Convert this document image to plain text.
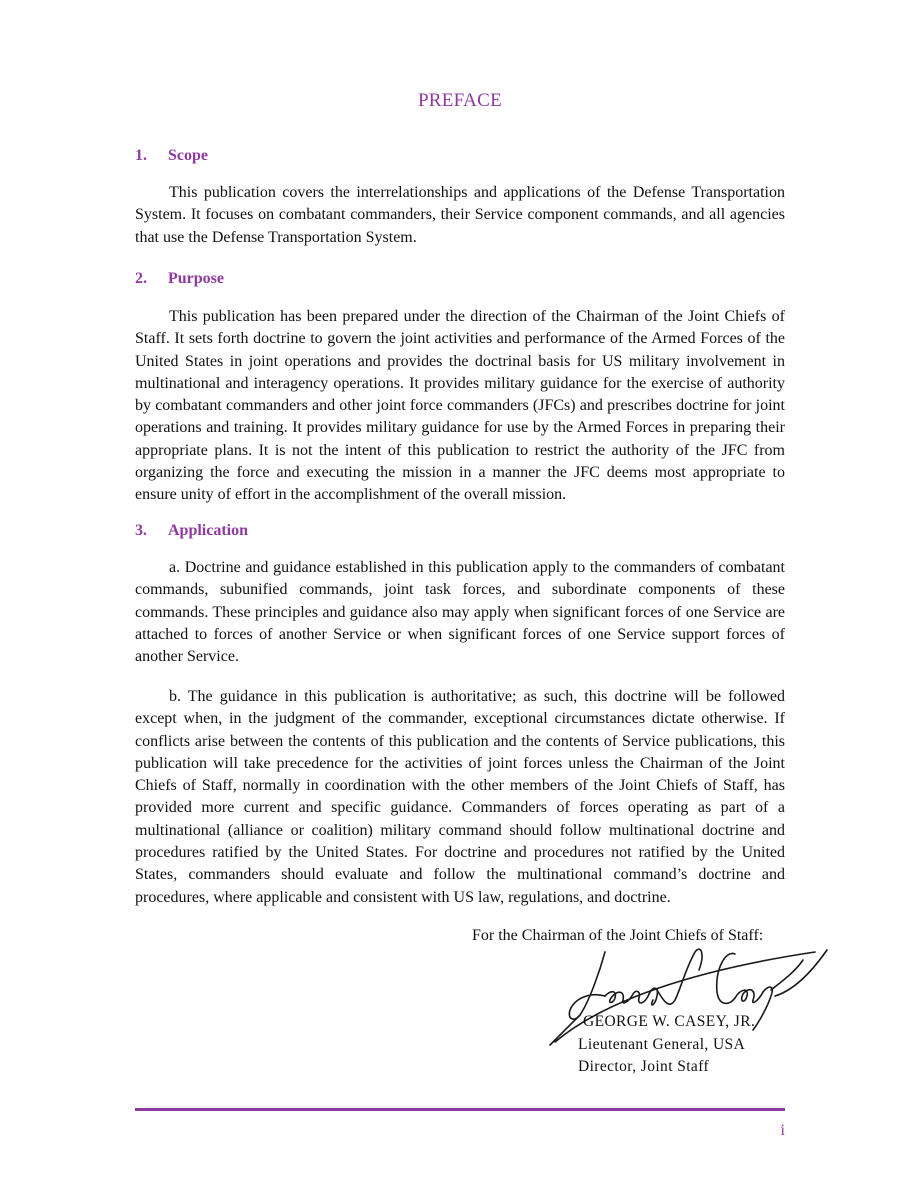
PREFACE
1. Scope
This publication covers the interrelationships and applications of the Defense Transportation System. It focuses on combatant commanders, their Service component commands, and all agencies that use the Defense Transportation System.
2. Purpose
This publication has been prepared under the direction of the Chairman of the Joint Chiefs of Staff. It sets forth doctrine to govern the joint activities and performance of the Armed Forces of the United States in joint operations and provides the doctrinal basis for US military involvement in multinational and interagency operations. It provides military guidance for the exercise of authority by combatant commanders and other joint force commanders (JFCs) and prescribes doctrine for joint operations and training. It provides military guidance for use by the Armed Forces in preparing their appropriate plans. It is not the intent of this publication to restrict the authority of the JFC from organizing the force and executing the mission in a manner the JFC deems most appropriate to ensure unity of effort in the accomplishment of the overall mission.
3. Application
a. Doctrine and guidance established in this publication apply to the commanders of combatant commands, subunified commands, joint task forces, and subordinate components of these commands. These principles and guidance also may apply when significant forces of one Service are attached to forces of another Service or when significant forces of one Service support forces of another Service.
b. The guidance in this publication is authoritative; as such, this doctrine will be followed except when, in the judgment of the commander, exceptional circumstances dictate otherwise. If conflicts arise between the contents of this publication and the contents of Service publications, this publication will take precedence for the activities of joint forces unless the Chairman of the Joint Chiefs of Staff, normally in coordination with the other members of the Joint Chiefs of Staff, has provided more current and specific guidance. Commanders of forces operating as part of a multinational (alliance or coalition) military command should follow multinational doctrine and procedures ratified by the United States. For doctrine and procedures not ratified by the United States, commanders should evaluate and follow the multinational command’s doctrine and procedures, where applicable and consistent with US law, regulations, and doctrine.
For the Chairman of the Joint Chiefs of Staff:
GEORGE W. CASEY, JR.
Lieutenant General, USA
Director, Joint Staff
i
